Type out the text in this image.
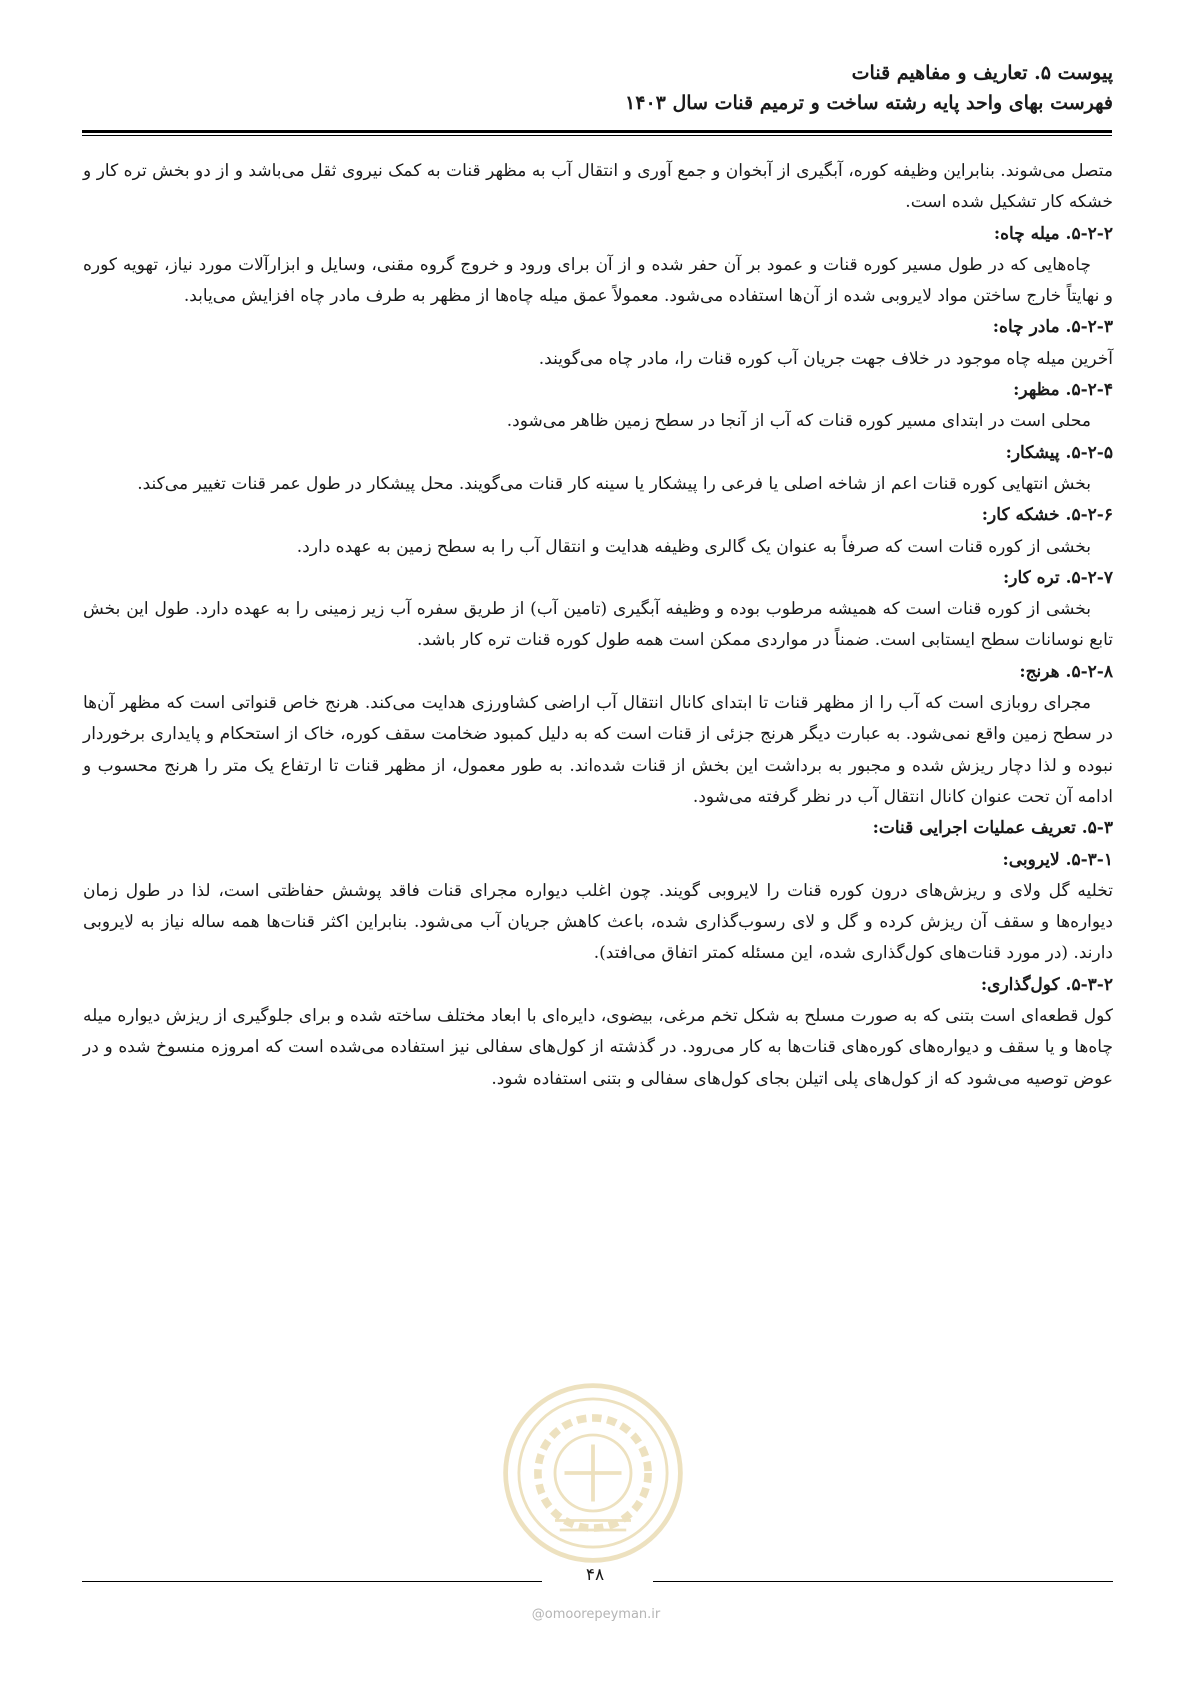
پیوست ۵. تعاریف و مفاهیم قنات
فهرست بهای واحد پایه رشته ساخت و ترمیم قنات سال ۱۴۰۳

متصل می‌شوند. بنابراین وظیفه کوره، آبگیری از آبخوان و جمع آوری و انتقال آب به مظهر قنات به کمک نیروی ثقل می‌باشد و از دو بخش تره کار و خشکه کار تشکیل شده است.

۵-۲-۲. میله چاه:

چاه‌هایی که در طول مسیر کوره قنات و عمود بر آن حفر شده و از آن برای ورود و خروج گروه مقنی، وسایل و ابزارآلات مورد نیاز، تهویه کوره و نهایتاً خارج ساختن مواد لایروبی شده از آن‌ها استفاده می‌شود. معمولاً عمق میله چاه‌ها از مظهر به طرف مادر چاه افزایش می‌یابد.

۵-۲-۳. مادر چاه:

آخرین میله چاه موجود در خلاف جهت جریان آب کوره قنات را، مادر چاه می‌گویند.

۵-۲-۴. مظهر:

محلی است در ابتدای مسیر کوره قنات که آب از آنجا در سطح زمین ظاهر می‌شود.

۵-۲-۵. پیشکار:

بخش انتهایی کوره قنات اعم از شاخه اصلی یا فرعی را پیشکار یا سینه کار قنات می‌گویند. محل پیشکار در طول عمر قنات تغییر می‌کند.

۵-۲-۶. خشکه کار:

بخشی از کوره قنات است که صرفاً به عنوان یک گالری وظیفه هدایت و انتقال آب را به سطح زمین به عهده دارد.

۵-۲-۷. تره کار:

بخشی از کوره قنات است که همیشه مرطوب بوده و وظیفه آبگیری (تامین آب) از طریق سفره آب زیر زمینی را به عهده دارد. طول این بخش تابع نوسانات سطح ایستابی است. ضمناً در مواردی ممکن است همه طول کوره قنات تره کار باشد.

۵-۲-۸. هرنج:

مجرای روبازی است که آب را از مظهر قنات تا ابتدای کانال انتقال آب اراضی کشاورزی هدایت می‌کند. هرنج خاص قنواتی است که مظهر آن‌ها در سطح زمین واقع نمی‌شود. به عبارت دیگر هرنج جزئی از قنات است که به دلیل کمبود ضخامت سقف کوره، خاک از استحکام و پایداری برخوردار نبوده و لذا دچار ریزش شده و مجبور به برداشت این بخش از قنات شده‌اند. به طور معمول، از مظهر قنات تا ارتفاع یک متر را هرنج محسوب و ادامه آن تحت عنوان کانال انتقال آب در نظر گرفته می‌شود.

۵-۳. تعریف عملیات اجرایی قنات:

۵-۳-۱. لایروبی:

تخلیه گل ولای و ریزش‌های درون کوره قنات را لایروبی گویند. چون اغلب دیواره مجرای قنات فاقد پوشش حفاظتی است، لذا در طول زمان دیواره‌ها و سقف آن ریزش کرده و گل و لای رسوب‌گذاری شده، باعث کاهش جریان آب می‌شود. بنابراین اکثر قنات‌ها همه ساله نیاز به لایروبی دارند. (در مورد قنات‌های کول‌گذاری شده، این مسئله کمتر اتفاق می‌افتد).

۵-۳-۲. کول‌گذاری:

کول قطعه‌ای است بتنی که به صورت مسلح به شکل تخم مرغی، بیضوی، دایره‌ای با ابعاد مختلف ساخته شده و برای جلوگیری از ریزش دیواره میله چاه‌ها و یا سقف و دیواره‌های کوره‌های قنات‌ها به کار می‌رود. در گذشته از کول‌های سفالی نیز استفاده می‌شده است که امروزه منسوخ شده و در عوض توصیه می‌شود که از کول‌های پلی اتیلن بجای کول‌های سفالی و بتنی استفاده شود.

۴۸
@omoorepeyman.ir
